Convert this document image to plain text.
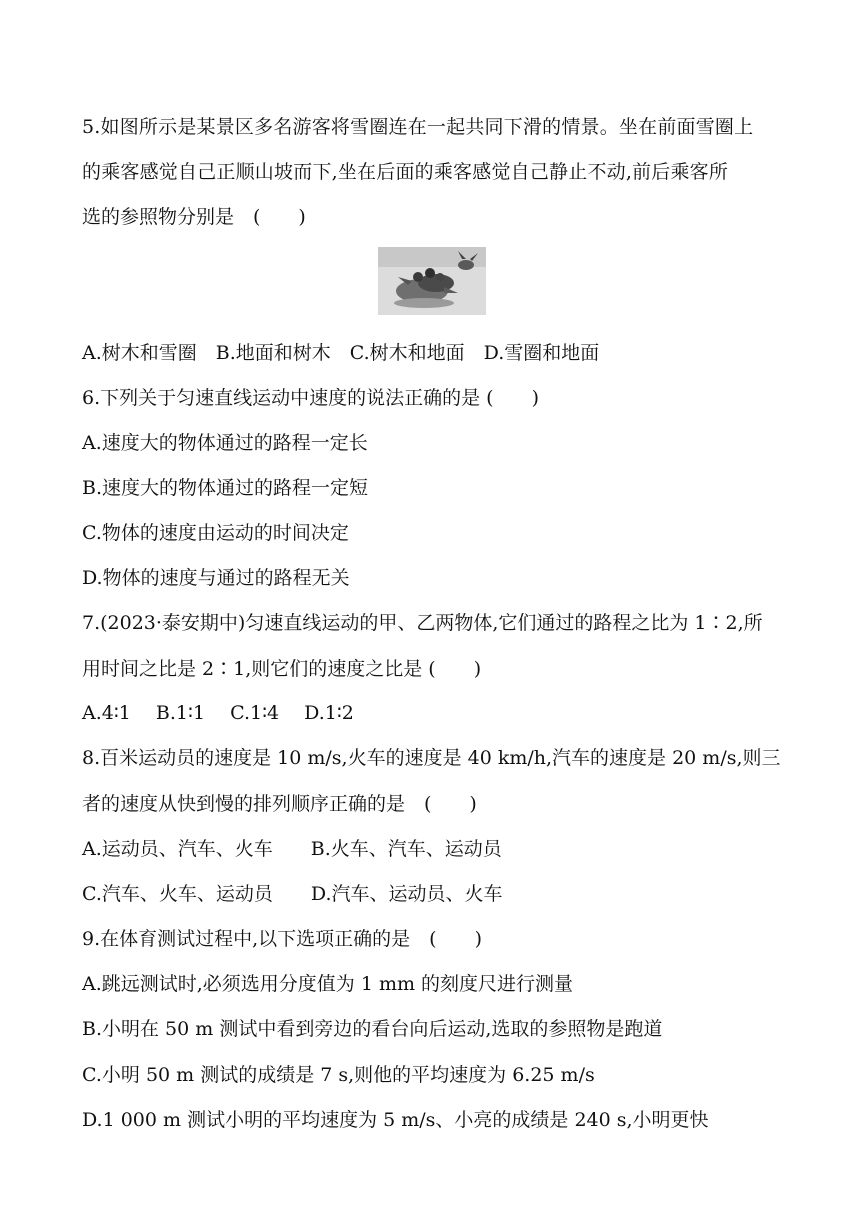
5.如图所示是某景区多名游客将雪圈连在一起共同下滑的情景。坐在前面雪圈上
的乘客感觉自己正顺山坡而下,坐在后面的乘客感觉自己静止不动,前后乘客所
选的参照物分别是　(　　)
A.树木和雪圈　B.地面和树木　C.树木和地面　D.雪圈和地面
6.下列关于匀速直线运动中速度的说法正确的是 (　　)
A.速度大的物体通过的路程一定长
B.速度大的物体通过的路程一定短
C.物体的速度由运动的时间决定
D.物体的速度与通过的路程无关
7.(2023·泰安期中)匀速直线运动的甲、乙两物体,它们通过的路程之比为 1∶2,所
用时间之比是 2∶1,则它们的速度之比是 (　　)
A.4∶1　 B.1∶1　 C.1∶4　 D.1∶2
8.百米运动员的速度是 10 m/s,火车的速度是 40 km/h,汽车的速度是 20 m/s,则三
者的速度从快到慢的排列顺序正确的是　(　　)
A.运动员、汽车、火车　　B.火车、汽车、运动员
C.汽车、火车、运动员　　D.汽车、运动员、火车
9.在体育测试过程中,以下选项正确的是　(　　)
A.跳远测试时,必须选用分度值为 1 mm 的刻度尺进行测量
B.小明在 50 m 测试中看到旁边的看台向后运动,选取的参照物是跑道
C.小明 50 m 测试的成绩是 7 s,则他的平均速度为 6.25 m/s
D.1 000 m 测试小明的平均速度为 5 m/s、小亮的成绩是 240 s,小明更快
